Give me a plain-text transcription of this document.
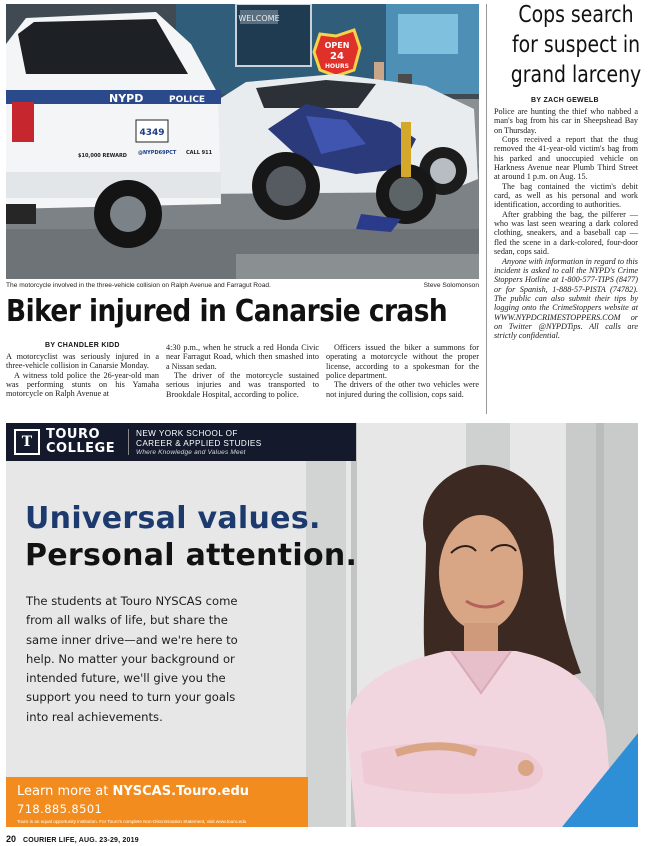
WELCOME
OPEN
24
HOURS
NYPD	POLICE
4349
$10,000 REWARD @NYPD69PCT CALL 911
The motorcycle involved in the three-vehicle collision on Ralph Avenue and Farragut Road.	Steve Solomonson
Biker injured in Canarsie crash
BY CHANDLER KIDD

A motorcyclist was seriously injured in a three-vehicle collision in Canarsie Monday.

A witness told police the 26-year-old man was performing stunts on his Yamaha motorcycle on Ralph Avenue at

4:30 p.m., when he struck a red Honda Civic near Farragut Road, which then smashed into a Nissan sedan.

The driver of the motorcycle sustained serious injuries and was transported to Brookdale Hospital, according to police.

Officers issued the biker a summons for operating a motorcycle without the proper license, according to a spokesman for the police department.

The drivers of the other two vehicles were not injured during the collision, cops said.

Cops search
for suspect in
grand larceny
BY ZACH GEWELB

Police are hunting the thief who nabbed a man's bag from his car in Sheepshead Bay on Thursday.

Cops received a report that the thug removed the 41-year-old victim's bag from his parked and unoccupied vehicle on Harkness Avenue near Plumb Third Street at around 1 p.m. on Aug. 15.

The bag contained the victim's debit card, as well as his personal and work identification, according to authorities.

After grabbing the bag, the pilferer — who was last seen wearing a dark colored clothing, sneakers, and a baseball cap — fled the scene in a dark-colored, four-door sedan, cops said.

Anyone with information in regard to this incident is asked to call the NYPD's Crime Stoppers Hotline at 1-800-577-TIPS (8477) or for Spanish, 1-888-57-PISTA (74782). The public can also submit their tips by logging onto the CrimeStoppers website at WWW.NYPDCRIMESTOPPERS.COM or on Twitter @NYPDTips. All calls are strictly confidential.

T	TOURO
COLLEGE
NEW YORK SCHOOL OF
CAREER & APPLIED STUDIES
Where Knowledge and Values Meet
Universal values.
Personal attention.
The students at Touro NYSCAS come
from all walks of life, but share the
same inner drive—and we're here to
help. No matter your background or
intended future, we'll give you the
support you need to turn your goals
into real achievements.
Learn more at NYSCAS.Touro.edu
718.885.8501
Touro is an equal opportunity institution. For Touro's complete Non-Discrimination Statement, visit www.touro.edu
20 COURIER LIFE, AUG. 23-29, 2019
